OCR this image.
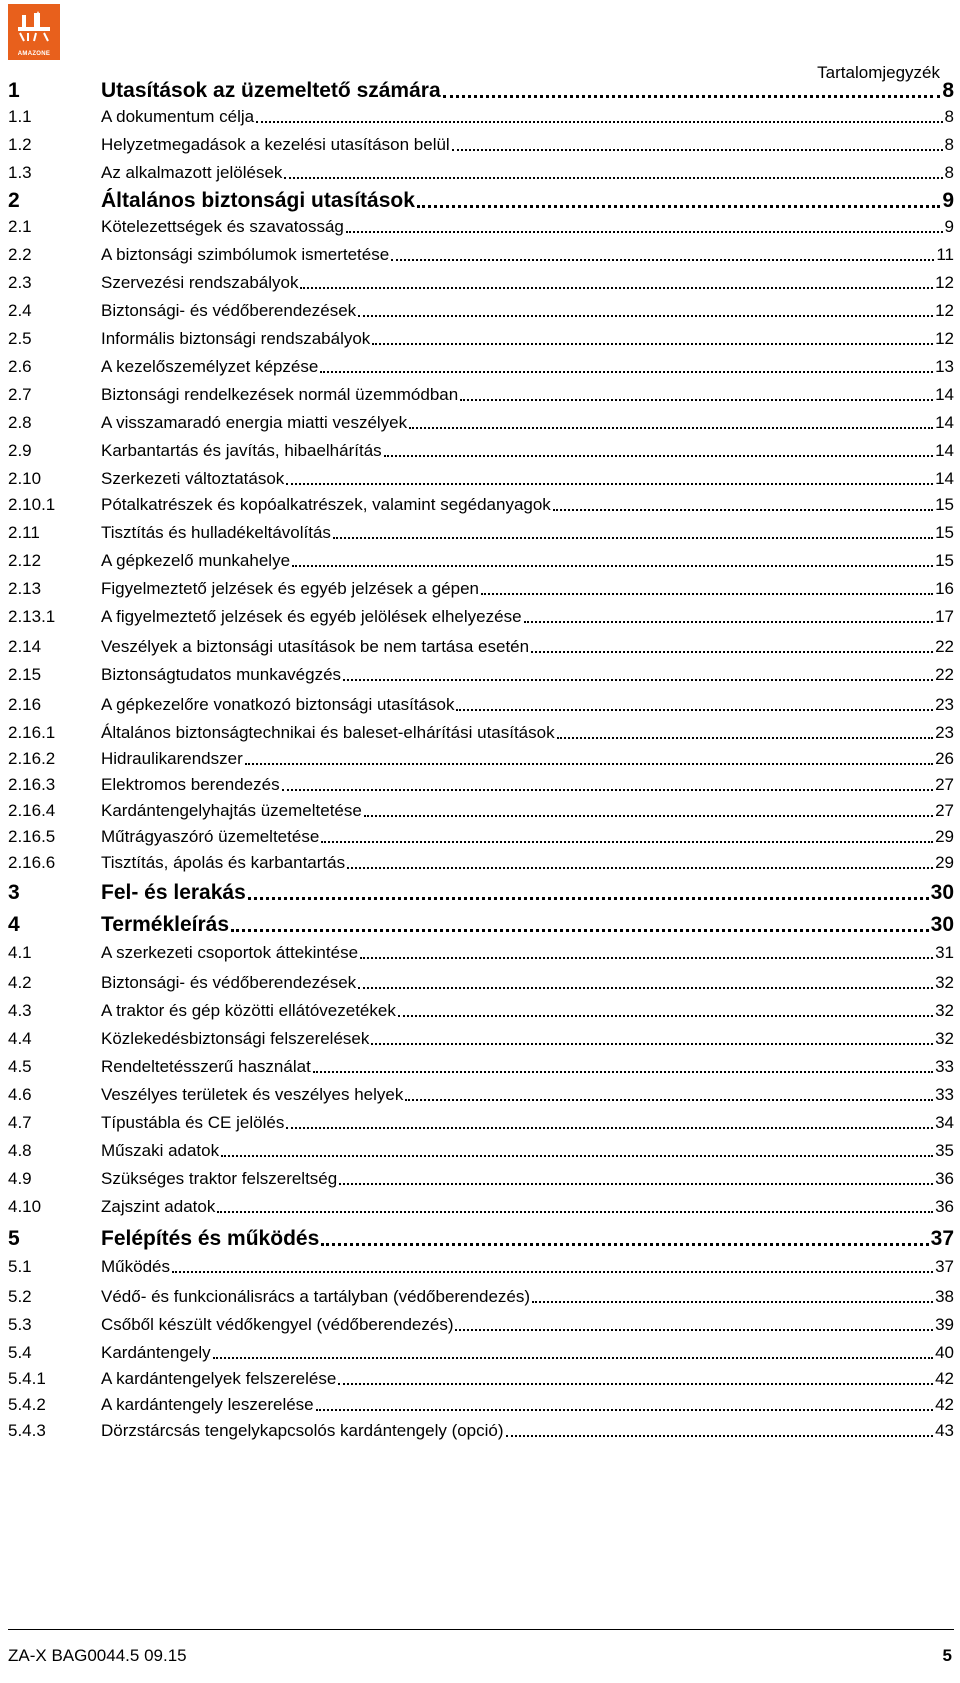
AMAZONE
Tartalomjegyzék
1	Utasítások az üzemeltető számára	8
1.1	A dokumentum célja	8
1.2	Helyzetmegadások a kezelési utasításon belül	8
1.3	Az alkalmazott jelölések	8
2	Általános biztonsági utasítások	9
2.1	Kötelezettségek és szavatosság	9
2.2	A biztonsági szimbólumok ismertetése	11
2.3	Szervezési rendszabályok	12
2.4	Biztonsági- és védőberendezések	12
2.5	Informális biztonsági rendszabályok	12
2.6	A kezelőszemélyzet képzése	13
2.7	Biztonsági rendelkezések normál üzemmódban	14
2.8	A visszamaradó energia miatti veszélyek	14
2.9	Karbantartás és javítás, hibaelhárítás	14
2.10	Szerkezeti változtatások	14
2.10.1	Pótalkatrészek és kopóalkatrészek, valamint segédanyagok	15
2.11	Tisztítás és hulladékeltávolítás	15
2.12	A gépkezelő munkahelye	15
2.13	Figyelmeztető jelzések és egyéb jelzések a gépen	16
2.13.1	A figyelmeztető jelzések és egyéb jelölések elhelyezése	17
2.14	Veszélyek a biztonsági utasítások be nem tartása esetén	22
2.15	Biztonságtudatos munkavégzés	22
2.16	A gépkezelőre vonatkozó biztonsági utasítások	23
2.16.1	Általános biztonságtechnikai és baleset-elhárítási utasítások	23
2.16.2	Hidraulikarendszer	26
2.16.3	Elektromos berendezés	27
2.16.4	Kardántengelyhajtás üzemeltetése	27
2.16.5	Műtrágyaszóró üzemeltetése	29
2.16.6	Tisztítás, ápolás és karbantartás	29
3	Fel- és lerakás	30
4	Termékleírás	30
4.1	A szerkezeti csoportok áttekintése	31
4.2	Biztonsági- és védőberendezések	32
4.3	A traktor és gép közötti ellátóvezetékek	32
4.4	Közlekedésbiztonsági felszerelések	32
4.5	Rendeltetésszerű használat	33
4.6	Veszélyes területek és veszélyes helyek	33
4.7	Típustábla és CE jelölés	34
4.8	Műszaki adatok	35
4.9	Szükséges traktor felszereltség	36
4.10	Zajszint adatok	36
5	Felépítés és működés	37
5.1	Működés	37
5.2	Védő- és funkcionálisrács a tartályban (védőberendezés)	38
5.3	Csőből készült védőkengyel (védőberendezés)	39
5.4	Kardántengely	40
5.4.1	A kardántengelyek felszerelése	42
5.4.2	A kardántengely leszerelése	42
5.4.3	Dörzstárcsás tengelykapcsolós kardántengely (opció)	43
ZA-X BAG0044.5 09.15	5
